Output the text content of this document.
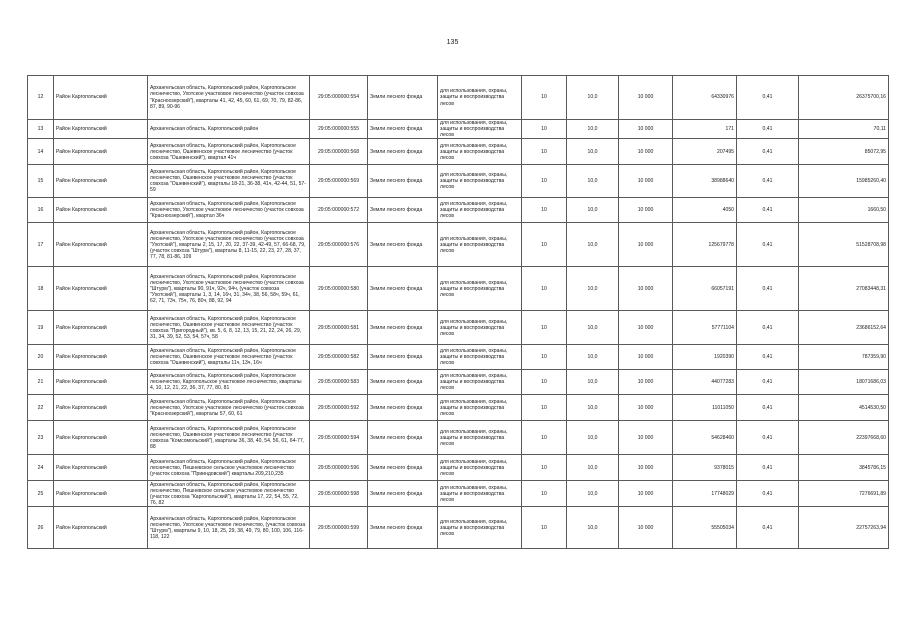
135
12	Район Каргопольский	Архангельская область, Каргопольский район, Каргопольское лесничество, Ухотское участковое лесничество (участок совхоза "Красноозерский"), кварталы 41, 42, 45, 60, 61, 69, 70, 79, 82-86, 87, 89, 90-96	29:05:000000:554	Земли лесного фонда	для использования, охраны, защиты и воспроизводства лесов	10	10,0	10 000	64330976	0,41	26375700,16
13	Район Каргопольский	Архангельская область, Каргопольский район	29:05:000000:555	Земли лесного фонда	для использования, охраны, защиты и воспроизводства лесов	10	10,0	10 000	171	0,41	70,11
14	Район Каргопольский	Архангельская область, Каргопольский район, Каргопольское лесничество, Ошевенское участковое лесничество (участок совхоза "Ошевенский"), квартал 41ч	29:05:000000:568	Земли лесного фонда	для использования, охраны, защиты и воспроизводства лесов	10	10,0	10 000	207495	0,41	85072,95
15	Район Каргопольский	Архангельская область, Каргопольский район, Каргопольское лесничество, Ошевенское участковое лесничество (участок совхоза "Ошевенский"), кварталы 18-21, 36-38, 41ч, 42-44, 51, 57-59	29:05:000000:569	Земли лесного фонда	для использования, охраны, защиты и воспроизводства лесов	10	10,0	10 000	38988640	0,41	15985260,40
16	Район Каргопольский	Архангельская область, Каргопольский район, Каргопольское лесничество, Ухотское участковое лесничество (участок совхоза "Красноозерский"), квартал 36ч	29:05:000000:572	Земли лесного фонда	для использования, охраны, защиты и воспроизводства лесов	10	10,0	10 000	4050	0,41	1660,50
17	Район Каргопольский	Архангельская область, Каргопольский район, Каргопольское лесничество, Ухотское участковое лесничество (участок совхоза "Ухотский"), кварталы 2, 15, 17, 20, 22, 37-39, 42-49, 57, 66-68, 79, (участок совхоза "Штурм"), кварталы 8, 11-15, 22, 23, 27, 28, 37, 77, 78, 81-86, 109	29:05:000000:576	Земли лесного фонда	для использования, охраны, защиты и воспроизводства лесов	10	10,0	10 000	125679778	0,41	51528708,98
18	Район Каргопольский	Архангельская область, Каргопольский район, Каргопольское лесничество, Ухотское участковое лесничество (участок совхоза "Штурм"), кварталы 90, 91ч, 92ч, 94ч, (участок совхоза "Ухотский"), кварталы 1, 3, 14, 16ч, 31, 34ч, 38, 56, 58ч, 59ч, 61, 62, 71, 73ч, 75ч, 76, 80ч, 88, 92, 94	29:05:000000:580	Земли лесного фонда	для использования, охраны, защиты и воспроизводства лесов	10	10,0	10 000	66057191	0,41	27083448,31
19	Район Каргопольский	Архангельская область, Каргопольский район, Каргопольское лесничество, Ошевенское участковое лесничество (участок совхоза "Пригородный"), кв. 5, 6, 8, 12, 13, 15, 21, 22, 24, 26, 29, 31, 34, 39, 52, 53, 54, 57ч, 58	29:05:000000:581	Земли лесного фонда	для использования, охраны, защиты и воспроизводства лесов	10	10,0	10 000	57771104	0,41	23686152,64
20	Район Каргопольский	Архангельская область, Каргопольский район, Каргопольское лесничество, Ошевенское участковое лесничество (участок совхоза "Ошевенский"), кварталы 11ч, 13ч, 16ч	29:05:000000:582	Земли лесного фонда	для использования, охраны, защиты и воспроизводства лесов	10	10,0	10 000	1920390	0,41	787359,90
21	Район Каргопольский	Архангельская область, Каргопольский район, Каргопольское лесничество, Каргопольское участковое лесничество, кварталы 4, 10, 12, 21, 22, 36, 37, 77, 80, 81	29:05:000000:583	Земли лесного фонда	для использования, охраны, защиты и воспроизводства лесов	10	10,0	10 000	44077283	0,41	18071686,03
22	Район Каргопольский	Архангельская область, Каргопольский район, Каргопольское лесничество, Ухотское участковое лесничество (участок совхоза "Красноозерский"), кварталы 57, 60, 61	29:05:000000:592	Земли лесного фонда	для использования, охраны, защиты и воспроизводства лесов	10	10,0	10 000	11011050	0,41	4514530,50
23	Район Каргопольский	Архангельская область, Каргопольский район, Каргопольское лесничество, Ошевенское участковое лесничество (участок совхоза "Комсомольский"), кварталы 36, 38, 40, 54, 56, 61, 64-77, 88	29:05:000000:594	Земли лесного фонда	для использования, охраны, защиты и воспроизводства лесов	10	10,0	10 000	54628460	0,41	22397668,60
24	Район Каргопольский	Архангельская область, Каргопольский район, Каргопольское лесничество, Пешневское сельское участковое лесничество (участок совхоза "Прииндовский") кварталы 209,210,235	29:05:000000:596	Земли лесного фонда	для использования, охраны, защиты и воспроизводства лесов	10	10,0	10 000	9378015	0,41	3845786,15
25	Район Каргопольский	Архангельская область, Каргопольский район, Каргопольское лесничество, Пешневское сельское участковое лесничество (участок совхоза "Каргопольский"), кварталы 17, 22, 54, 55, 72, 76, 82	29:05:000000:598	Земли лесного фонда	для использования, охраны, защиты и воспроизводства лесов	10	10,0	10 000	17748029	0,41	7276691,89
26	Район Каргопольский	Архангельская область, Каргопольский район, Каргопольское лесничество, Ухотское участковое лесничество, (участок совхоза "Штурм"), кварталы 9, 10, 18, 25, 29, 38, 49, 79, 80, 100, 106, 116-118, 122	29:05:000000:599	Земли лесного фонда	для использования, охраны, защиты и воспроизводства лесов	10	10,0	10 000	55505034	0,41	22757263,94
